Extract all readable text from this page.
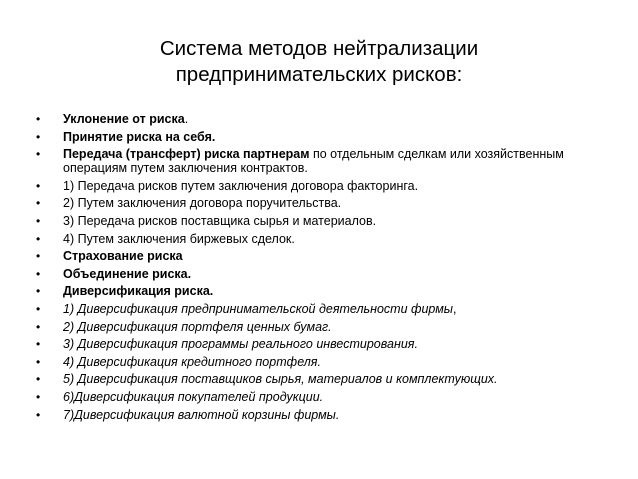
Система методов нейтрализации
предпринимательских рисков:
• Уклонение от риска.
• Принятие риска на себя.
• Передача (трансферт) риска партнерам по отдельным сделкам или хозяйственным операциям путем заключения контрактов.
• 1) Передача рисков путем заключения договора факторинга.
• 2) Путем заключения договора поручительства.
• 3) Передача рисков поставщика сырья и материалов.
• 4) Путем заключения биржевых сделок.
• Страхование риска
• Объединение риска.
• Диверсификация риска.
• 1) Диверсификация предпринимательской деятельности фирмы,
• 2) Диверсификация портфеля ценных бумаг.
• 3) Диверсификация программы реального инвестирования.
• 4) Диверсификация кредитного портфеля.
• 5) Диверсификация поставщиков сырья, материалов и комплектующих.
• 6)Диверсификация покупателей продукции.
• 7)Диверсификация валютной корзины фирмы.
